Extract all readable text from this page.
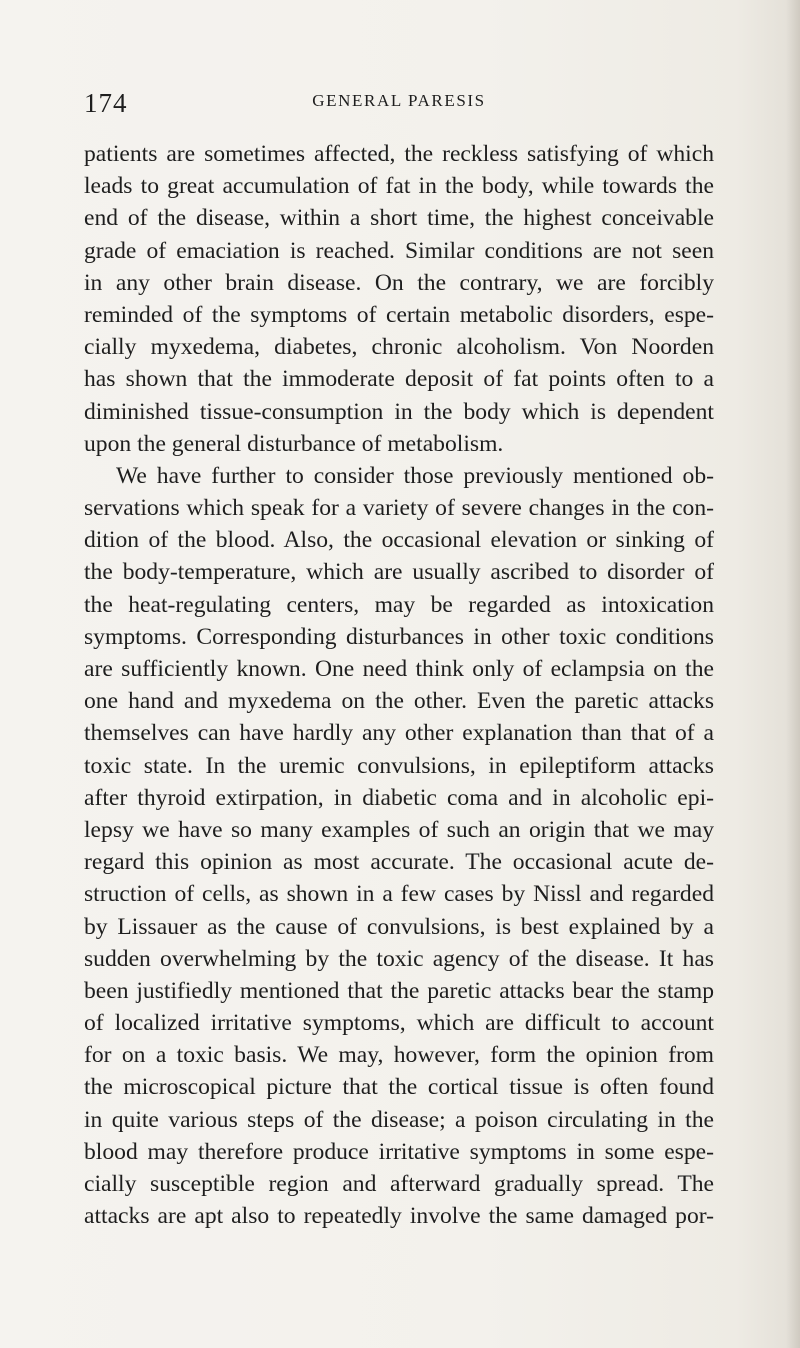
174	GENERAL PARESIS
patients are sometimes affected, the reckless satisfying of which
leads to great accumulation of fat in the body, while towards the
end of the disease, within a short time, the highest conceivable
grade of emaciation is reached. Similar conditions are not seen
in any other brain disease. On the contrary, we are forcibly
reminded of the symptoms of certain metabolic disorders, espe-
cially myxedema, diabetes, chronic alcoholism. Von Noorden
has shown that the immoderate deposit of fat points often to a
diminished tissue-consumption in the body which is dependent
upon the general disturbance of metabolism.
We have further to consider those previously mentioned ob-
servations which speak for a variety of severe changes in the con-
dition of the blood. Also, the occasional elevation or sinking of
the body-temperature, which are usually ascribed to disorder of
the heat-regulating centers, may be regarded as intoxication
symptoms. Corresponding disturbances in other toxic conditions
are sufficiently known. One need think only of eclampsia on the
one hand and myxedema on the other. Even the paretic attacks
themselves can have hardly any other explanation than that of a
toxic state. In the uremic convulsions, in epileptiform attacks
after thyroid extirpation, in diabetic coma and in alcoholic epi-
lepsy we have so many examples of such an origin that we may
regard this opinion as most accurate. The occasional acute de-
struction of cells, as shown in a few cases by Nissl and regarded
by Lissauer as the cause of convulsions, is best explained by a
sudden overwhelming by the toxic agency of the disease. It has
been justifiedly mentioned that the paretic attacks bear the stamp
of localized irritative symptoms, which are difficult to account
for on a toxic basis. We may, however, form the opinion from
the microscopical picture that the cortical tissue is often found
in quite various steps of the disease; a poison circulating in the
blood may therefore produce irritative symptoms in some espe-
cially susceptible region and afterward gradually spread. The
attacks are apt also to repeatedly involve the same damaged por-
